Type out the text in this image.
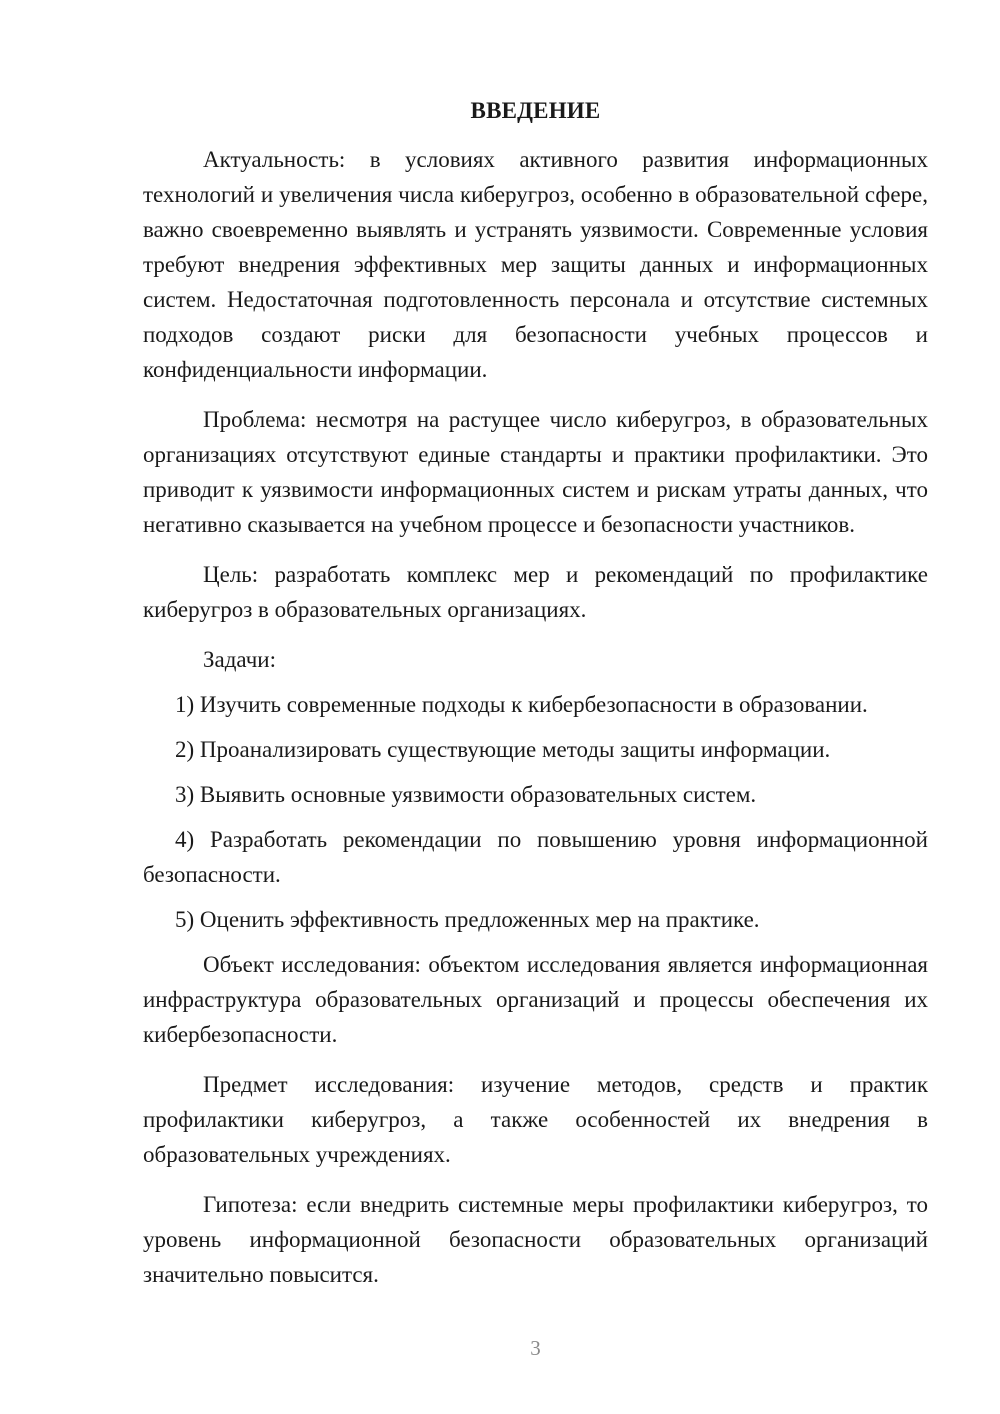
ВВЕДЕНИЕ

Актуальность: в условиях активного развития информационных технологий и увеличения числа киберугроз, особенно в образовательной сфере, важно своевременно выявлять и устранять уязвимости. Современные условия требуют внедрения эффективных мер защиты данных и информационных систем. Недостаточная подготовленность персонала и отсутствие системных подходов создают риски для безопасности учебных процессов и конфиденциальности информации.

Проблема: несмотря на растущее число киберугроз, в образовательных организациях отсутствуют единые стандарты и практики профилактики. Это приводит к уязвимости информационных систем и рискам утраты данных, что негативно сказывается на учебном процессе и безопасности участников.

Цель: разработать комплекс мер и рекомендаций по профилактике киберугроз в образовательных организациях.

Задачи:

1) Изучить современные подходы к кибербезопасности в образовании.

2) Проанализировать существующие методы защиты информации.

3) Выявить основные уязвимости образовательных систем.

4) Разработать рекомендации по повышению уровня информационной безопасности.

5) Оценить эффективность предложенных мер на практике.

Объект исследования: объектом исследования является информационная инфраструктура образовательных организаций и процессы обеспечения их кибербезопасности.

Предмет исследования: изучение методов, средств и практик профилактики киберугроз, а также особенностей их внедрения в образовательных учреждениях.

Гипотеза: если внедрить системные меры профилактики киберугроз, то уровень информационной безопасности образовательных организаций значительно повысится.

3
